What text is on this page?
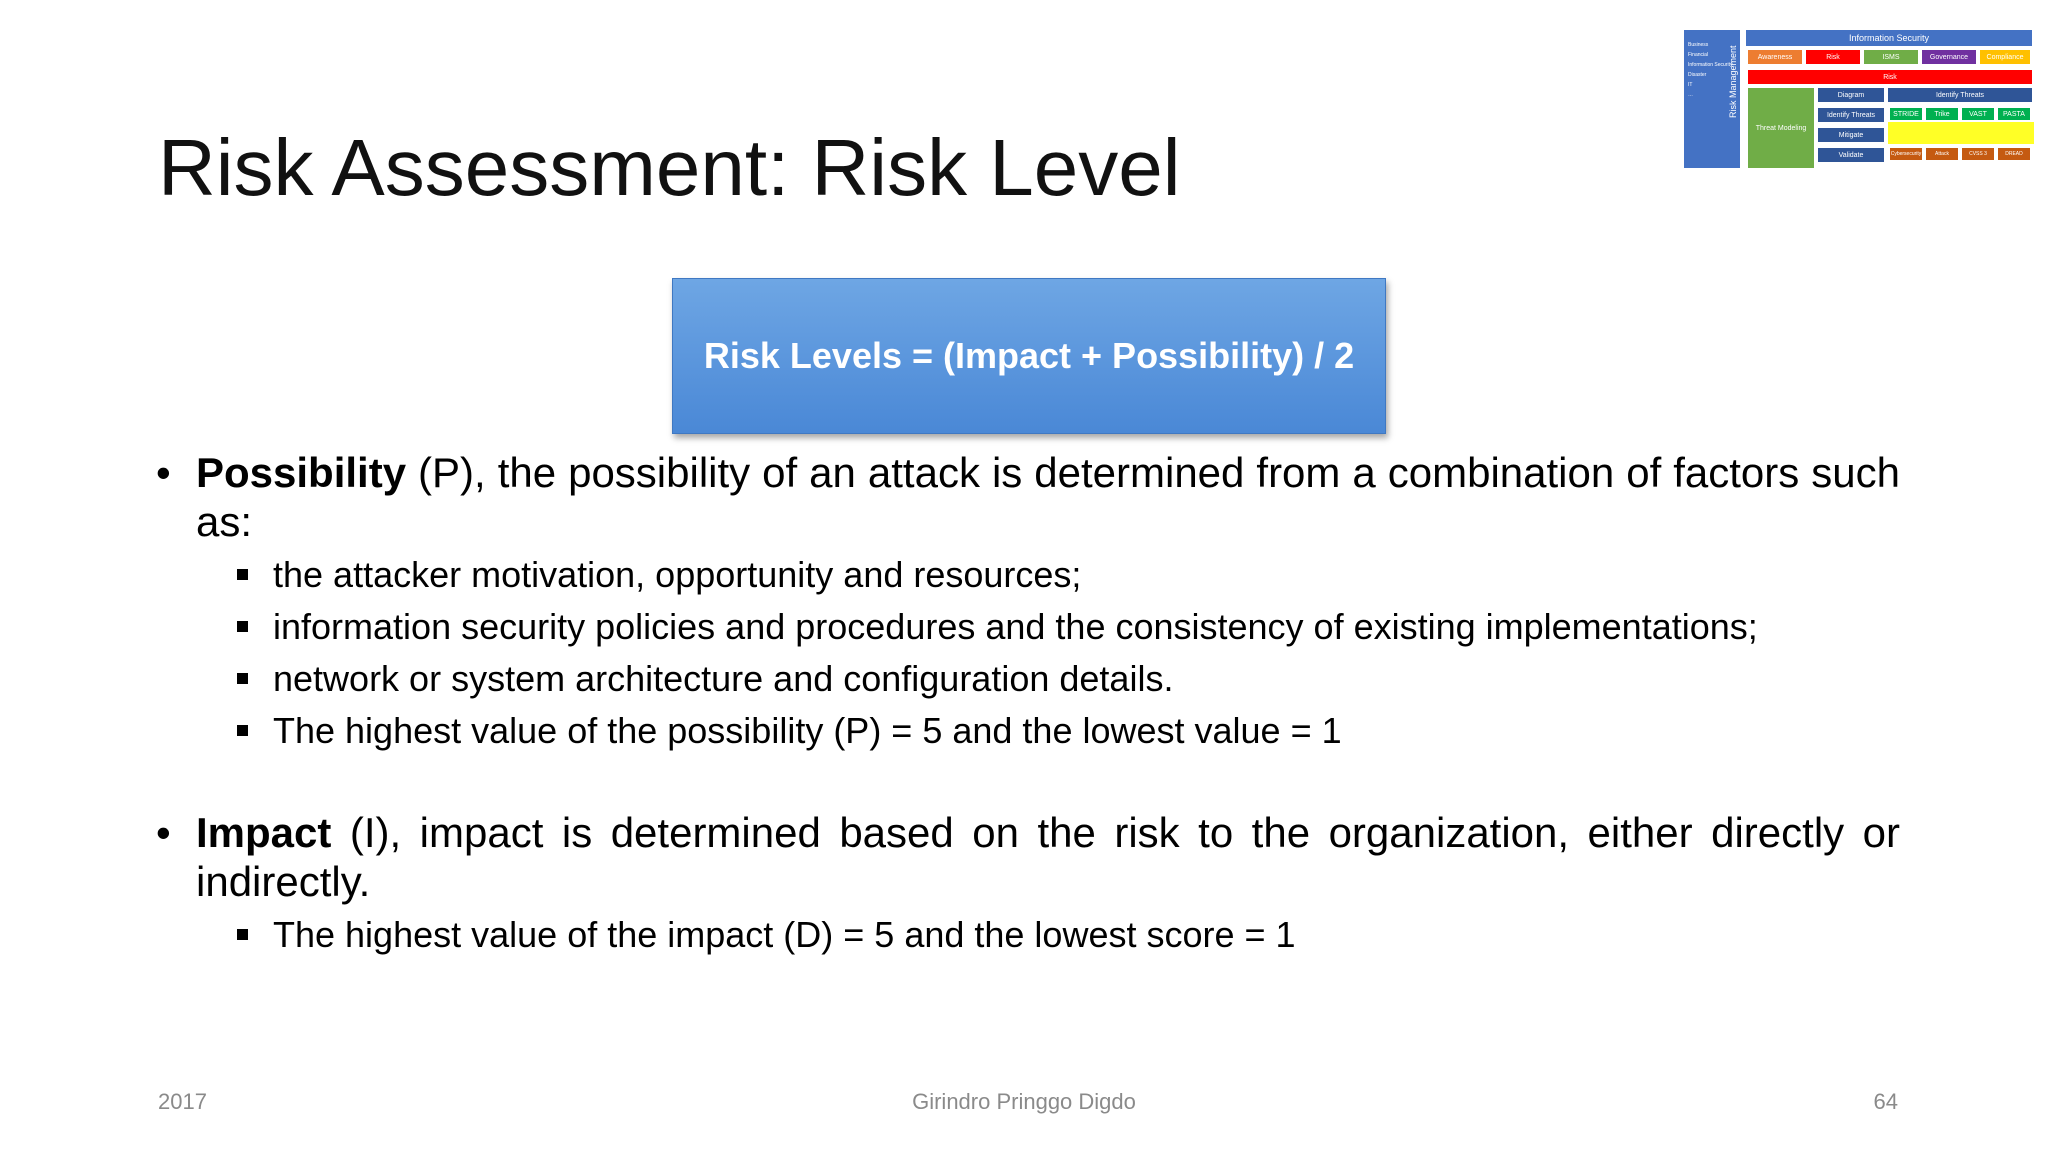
Risk Assessment: Risk Level
Business
Financial
Information Security
Disaster
IT
…	Risk Management
Information Security
Awareness	Risk	ISMS	Governance	Compliance
Risk
Threat Modeling
Diagram
Identify Threats
Mitigate
Validate
Identify Threats
STRIDE	Trike	VAST	PASTA
Cybersecurity	Attack	CVSS 3	DREAD
Risk Levels = (Impact + Possibility) / 2
• Possibility (P), the possibility of an attack is determined from a combination of factors such as:
the attacker motivation, opportunity and resources;
information security policies and procedures and the consistency of existing implementations;
network or system architecture and configuration details.
The highest value of the possibility (P) = 5 and the lowest value = 1
• Impact (I), impact is determined based on the risk to the organization, either directly or indirectly.
The highest value of the impact (D) = 5 and the lowest score = 1
2017	Girindro Pringgo Digdo	64
